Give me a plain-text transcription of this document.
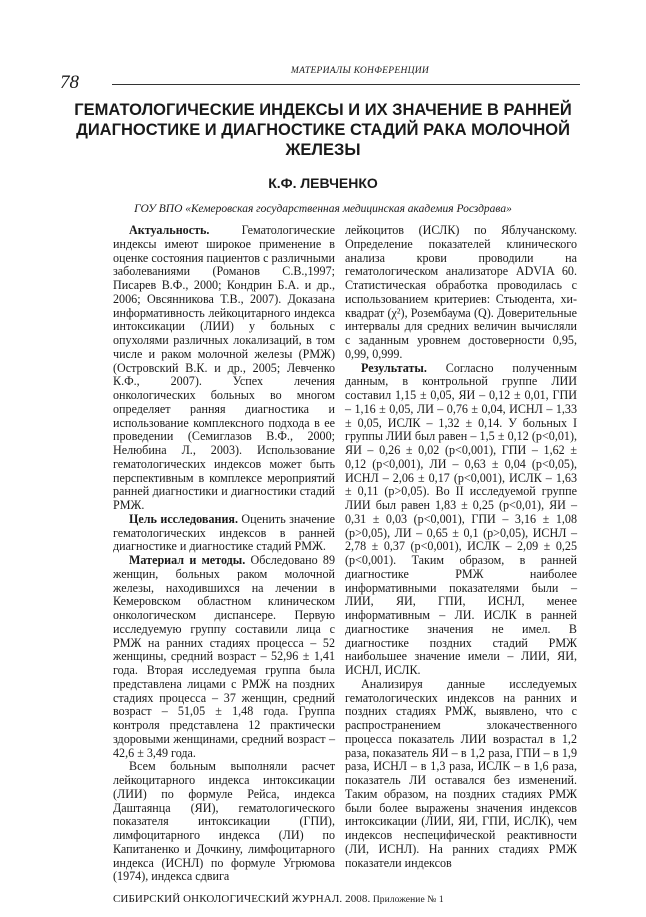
78
МАТЕРИАЛЫ КОНФЕРЕНЦИИ
ГЕМАТОЛОГИЧЕСКИЕ ИНДЕКСЫ И ИХ ЗНАЧЕНИЕ В РАННЕЙ ДИАГНОСТИКЕ И ДИАГНОСТИКЕ СТАДИЙ РАКА МОЛОЧНОЙ ЖЕЛЕЗЫ
К.Ф. ЛЕВЧЕНКО
ГОУ ВПО «Кемеровская государственная медицинская академия Росздрава»

Актуальность. Гематологические индексы имеют широкое применение в оценке состояния пациентов с различными заболеваниями (Романов С.В.,1997; Писарев В.Ф., 2000; Кондрин Б.А. и др., 2006; Овсянникова Т.В., 2007). Доказана информативность лейкоцитарного индекса интоксикации (ЛИИ) у больных с опухолями различных локализаций, в том числе и раком молочной железы (РМЖ) (Островский В.К. и др., 2005; Левченко К.Ф., 2007). Успех лечения онкологических больных во многом определяет ранняя диагностика и использование комплексного подхода в ее проведении (Семиглазов В.Ф., 2000; Нелюбина Л., 2003). Использование гематологических индексов может быть перспективным в комплексе мероприятий ранней диагностики и диагностики стадий РМЖ.

Цель исследования. Оценить значение гематологических индексов в ранней диагностике и диагностике стадий РМЖ.

Материал и методы. Обследовано 89 женщин, больных раком молочной железы, находившихся на лечении в Кемеровском областном клиническом онкологическом диспансере. Первую исследуемую группу составили лица с РМЖ на ранних стадиях процесса – 52 женщины, средний возраст – 52,96 ± 1,41 года. Вторая исследуемая группа была представлена лицами с РМЖ на поздних стадиях процесса – 37 женщин, средний возраст – 51,05 ± 1,48 года. Группа контроля представлена 12 практически здоровыми женщинами, средний возраст – 42,6 ± 3,49 года.

Всем больным выполняли расчет лейкоцитарного индекса интоксикации (ЛИИ) по формуле Рейса, индекса Даштаянца (ЯИ), гематологического показателя интоксикации (ГПИ), лимфоцитарного индекса (ЛИ) по Капитаненко и Дочкину, лимфоцитарного индекса (ИСНЛ) по формуле Угрюмова (1974), индекса сдвига

лейкоцитов (ИСЛК) по Яблучанскому. Определение показателей клинического анализа крови проводили на гематологическом анализаторе ADVIA 60. Статистическая обработка проводилась с использованием критериев: Стьюдента, хи-квадрат (χ²), Розембаума (Q). Доверительные интервалы для средних величин вычисляли с заданным уровнем достоверности 0,95, 0,99, 0,999.

Результаты. Согласно полученным данным, в контрольной группе ЛИИ составил 1,15 ± 0,05, ЯИ – 0,12 ± 0,01, ГПИ – 1,16 ± 0,05, ЛИ – 0,76 ± 0,04, ИСНЛ – 1,33 ± 0,05, ИСЛК – 1,32 ± 0,14. У больных I группы ЛИИ был равен – 1,5 ± 0,12 (p<0,01), ЯИ – 0,26 ± 0,02 (p<0,001), ГПИ – 1,62 ± 0,12 (p<0,001), ЛИ – 0,63 ± 0,04 (p<0,05), ИСНЛ – 2,06 ± 0,17 (p<0,001), ИСЛК – 1,63 ± 0,11 (p>0,05). Во II исследуемой группе ЛИИ был равен 1,83 ± 0,25 (p<0,01), ЯИ – 0,31 ± 0,03 (p<0,001), ГПИ – 3,16 ± 1,08 (p>0,05), ЛИ – 0,65 ± 0,1 (p>0,05), ИСНЛ – 2,78 ± 0,37 (p<0,001), ИСЛК – 2,09 ± 0,25 (p<0,001). Таким образом, в ранней диагностике РМЖ наиболее информативными показателями были – ЛИИ, ЯИ, ГПИ, ИСНЛ, менее информативным – ЛИ. ИСЛК в ранней диагностике значения не имел. В диагностике поздних стадий РМЖ наибольшее значение имели – ЛИИ, ЯИ, ИСНЛ, ИСЛК.

Анализируя данные исследуемых гематологических индексов на ранних и поздних стадиях РМЖ, выявлено, что с распространением злокачественного процесса показатель ЛИИ возрастал в 1,2 раза, показатель ЯИ – в 1,2 раза, ГПИ – в 1,9 раза, ИСНЛ – в 1,3 раза, ИСЛК – в 1,6 раза, показатель ЛИ оставался без изменений. Таким образом, на поздних стадиях РМЖ были более выражены значения индексов интоксикации (ЛИИ, ЯИ, ГПИ, ИСЛК), чем индексов неспецифической реактивности (ЛИ, ИСНЛ). На ранних стадиях РМЖ показатели индексов

СИБИРСКИЙ ОНКОЛОГИЧЕСКИЙ ЖУРНАЛ. 2008. Приложение № 1
